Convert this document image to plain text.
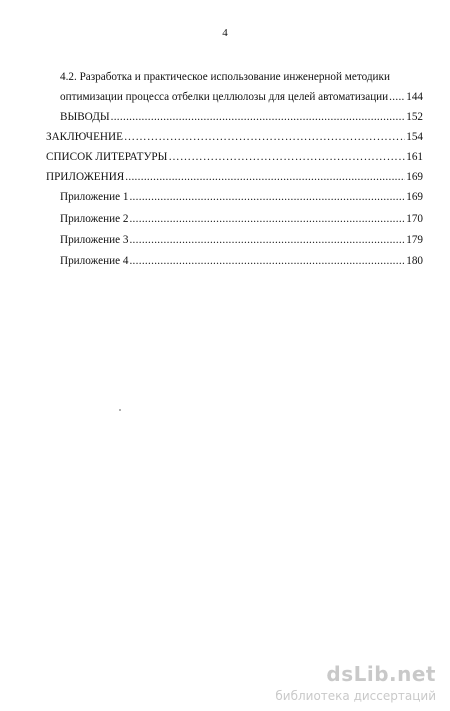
4
4.2. Разработка и практическое использование инженерной методики
оптимизации процесса отбелки целлюлозы для целей автоматизации ..... 144
ВЫВОДЫ .....	152
ЗАКЛЮЧЕНИЕ …………………………………………………………………………………………………………………………………………	154
СПИСОК ЛИТЕРАТУРЫ …………………………………………………………………………………………………………………………………………	161
ПРИЛОЖЕНИЯ .....	169
Приложение 1 .....	169
Приложение 2 .....	170
Приложение 3 .....	179
Приложение 4 .....	180
dsLib.net
библиотека диссертаций
